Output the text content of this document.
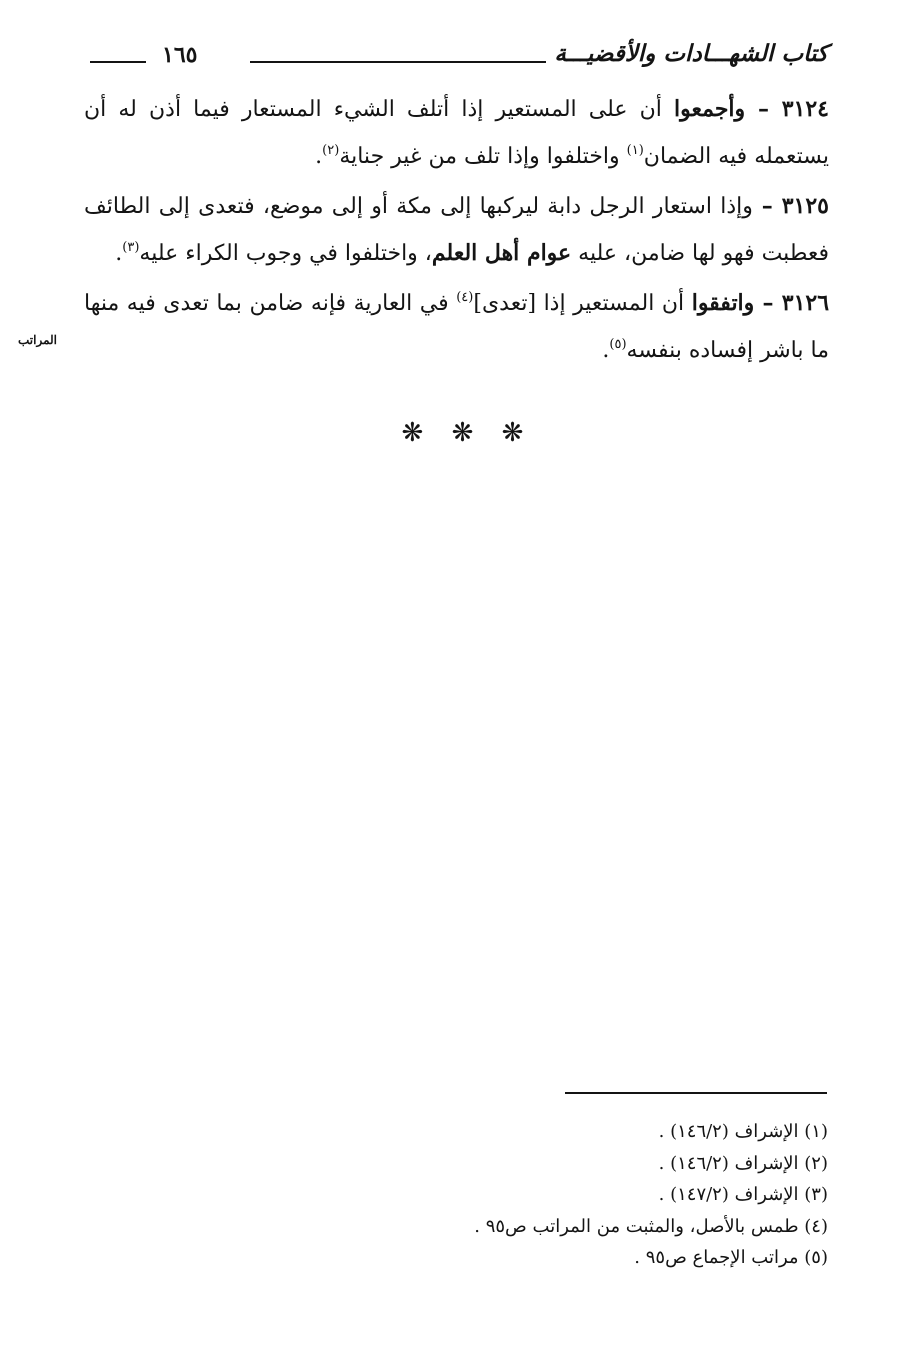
كتاب الشهـــادات والأقضيـــة
١٦٥

٣١٢٤ – وأجمعوا أن على المستعير إذا أتلف الشيء المستعار فيما أذن له أن يستعمله فيه الضمان$^{(١)}$ واختلفوا وإذا تلف من غير جناية$^{(٢)}$.

٣١٢٥ – وإذا استعار الرجل دابة ليركبها إلى مكة أو إلى موضع، فتعدى إلى الطائف فعطبت فهو لها ضامن، عليه عوام أهل العلم، واختلفوا في وجوب الكراء عليه$^{(٣)}$.

٣١٢٦ – واتفقوا أن المستعير إذا [تعدى]$^{(٤)}$ في العارية فإنه ضامن بما تعدى فيه منها ما باشر إفساده بنفسه$^{(٥)}$.

المراتب
❋ ❋ ❋
(١) الإشراف (١٤٦/٢) .
(٢) الإشراف (١٤٦/٢) .
(٣) الإشراف (١٤٧/٢) .
(٤) طمس بالأصل، والمثبت من المراتب ص٩٥ .
(٥) مراتب الإجماع ص٩٥ .
